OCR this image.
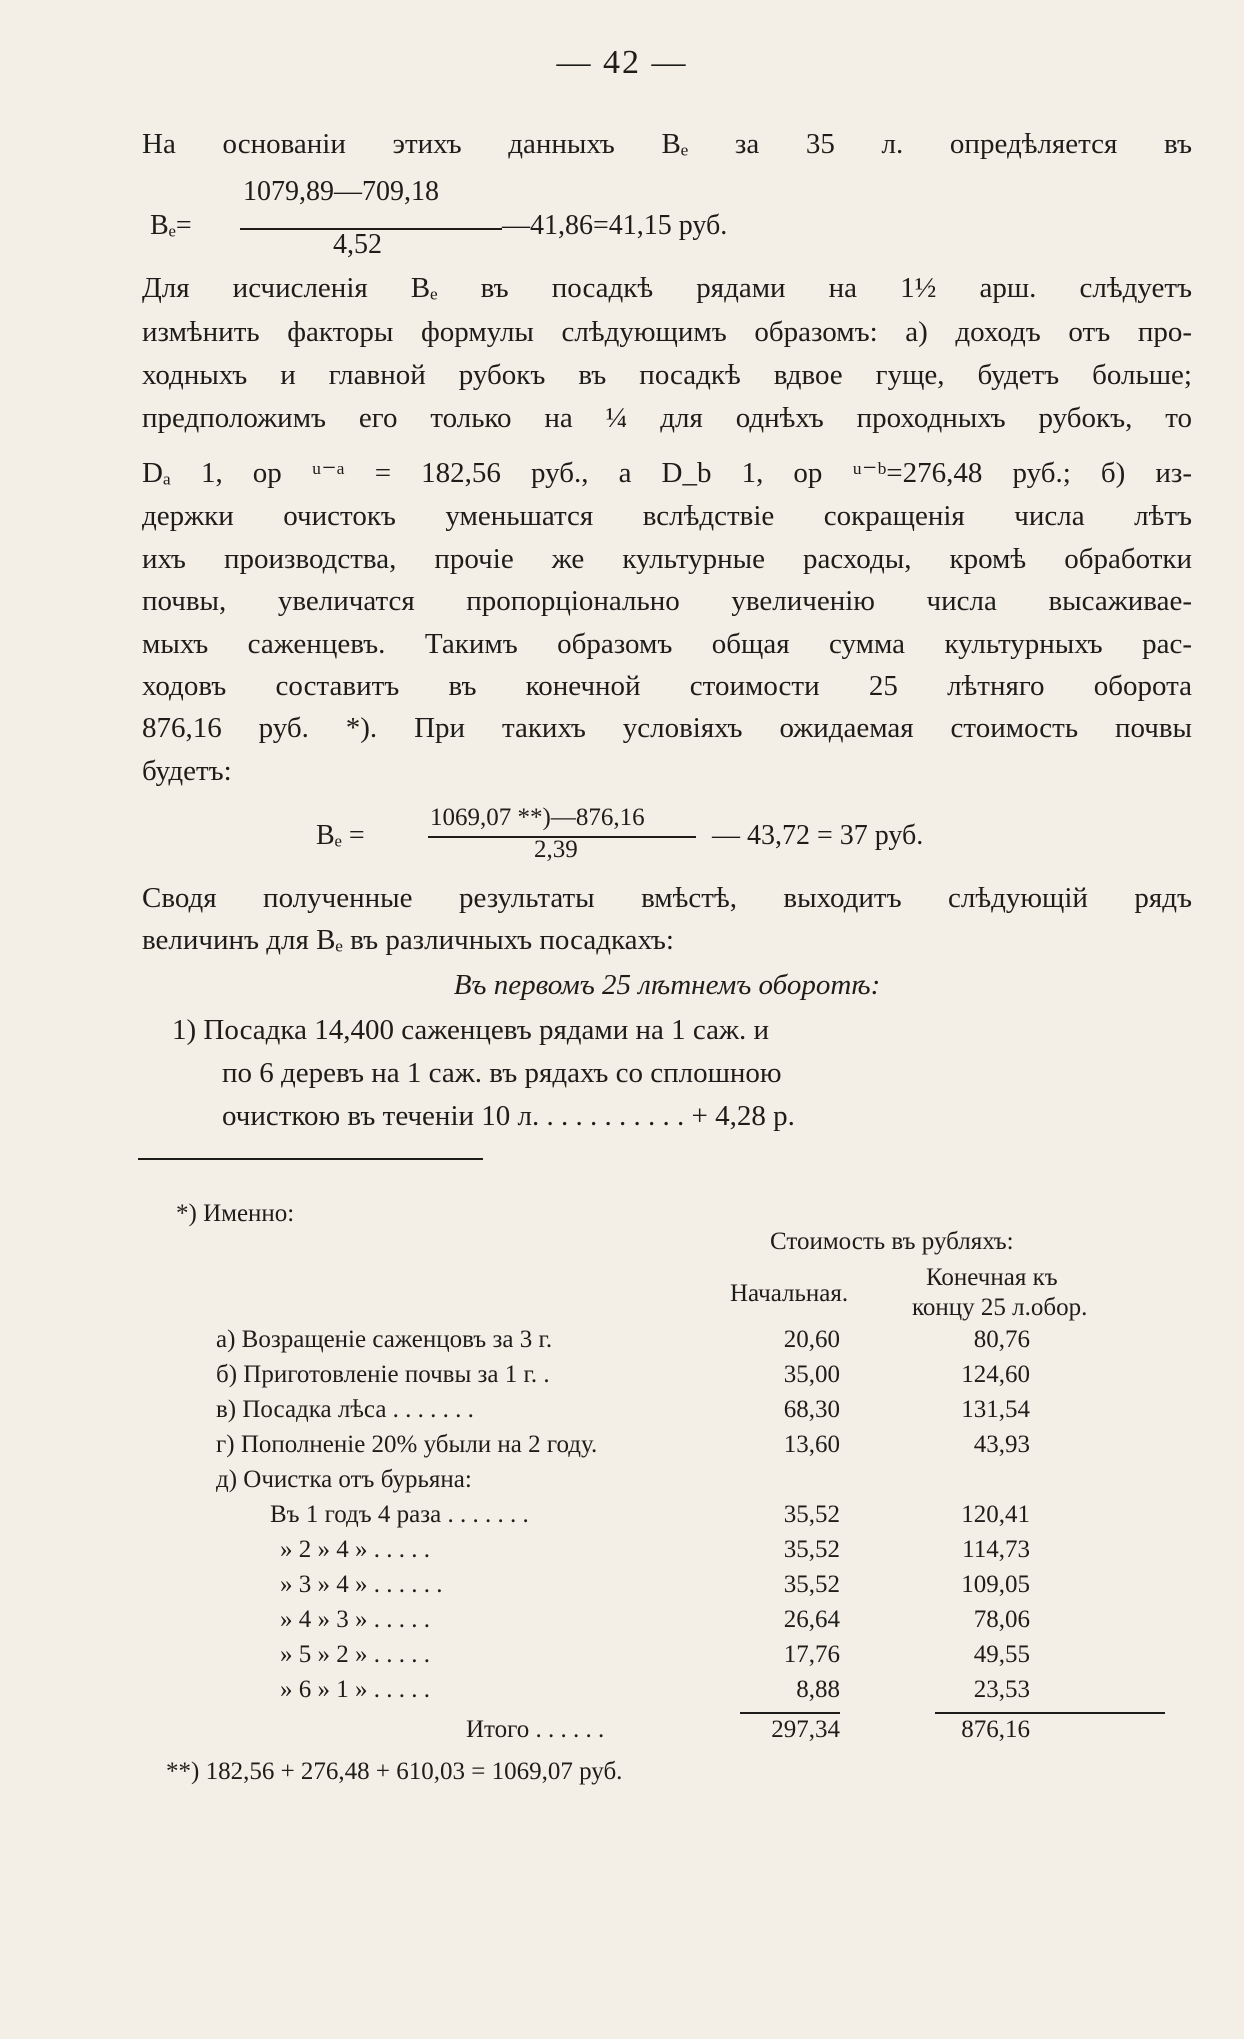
— 42 —
На основаніи этихъ данныхъ Bₑ за 35 л. опредѣляется въ
1079,89—709,18
Bₑ=
4,52
—41,86=41,15 руб.
Для исчисленія Bₑ въ посадкѣ рядами на 1½ арш. слѣдуетъ
измѣнить факторы формулы слѣдующимъ образомъ: а) доходъ отъ про-
ходныхъ и главной рубокъ въ посадкѣ вдвое гуще, будетъ больше;
предположимъ его только на ¼ для однѣхъ проходныхъ рубокъ, то
Dₐ 1, op ᵘ⁻ᵃ = 182,56 руб., а D_b 1, op ᵘ⁻ᵇ=276,48 руб.; б) из-
держки очистокъ уменьшатся вслѣдствіе сокращенія числа лѣтъ
ихъ производства, прочіе же культурные расходы, кромѣ обработки
почвы, увеличатся пропорціонально увеличенію числа высаживае-
мыхъ саженцевъ. Такимъ образомъ общая сумма культурныхъ рас-
ходовъ составитъ въ конечной стоимости 25 лѣтняго оборота
876,16 руб. *). При такихъ условіяхъ ожидаемая стоимость почвы
будетъ:
Bₑ =
1069,07 **)—876,16
2,39	— 43,72 = 37 руб.
Сводя полученные результаты вмѣстѣ, выходитъ слѣдующій рядъ
величинъ для Bₑ въ различныхъ посадкахъ:
Въ первомъ 25 лѣтнемъ оборотѣ:
1) Посадка 14,400 саженцевъ рядами на 1 саж. и
по 6 деревъ на 1 саж. въ рядахъ со сплошною
очисткою въ теченіи 10 л. . . . . . . . . . . + 4,28 р.
*) Именно:
Стоимость въ рубляхъ:
Начальная.
Конечная къ
концу 25 л.обор.
а) Возращеніе саженцовъ за 3 г.	20,60	80,76
б) Приготовленіе почвы за 1 г. .	35,00	124,60
в) Посадка лѣса . . . . . . .	68,30	131,54
г) Пополненіе 20% убыли на 2 году.	13,60	43,93
д) Очистка отъ бурьяна:
Въ 1 годъ 4 раза . . . . . . .	35,52	120,41
» 2 » 4 » . . . . .	35,52	114,73
» 3 » 4 » . . . . . .	35,52	109,05
» 4 » 3 » . . . . .	26,64	78,06
» 5 » 2 » . . . . .	17,76	49,55
» 6 » 1 » . . . . .	8,88	23,53
Итого . . . . . .	297,34	876,16
**) 182,56 + 276,48 + 610,03 = 1069,07 руб.
